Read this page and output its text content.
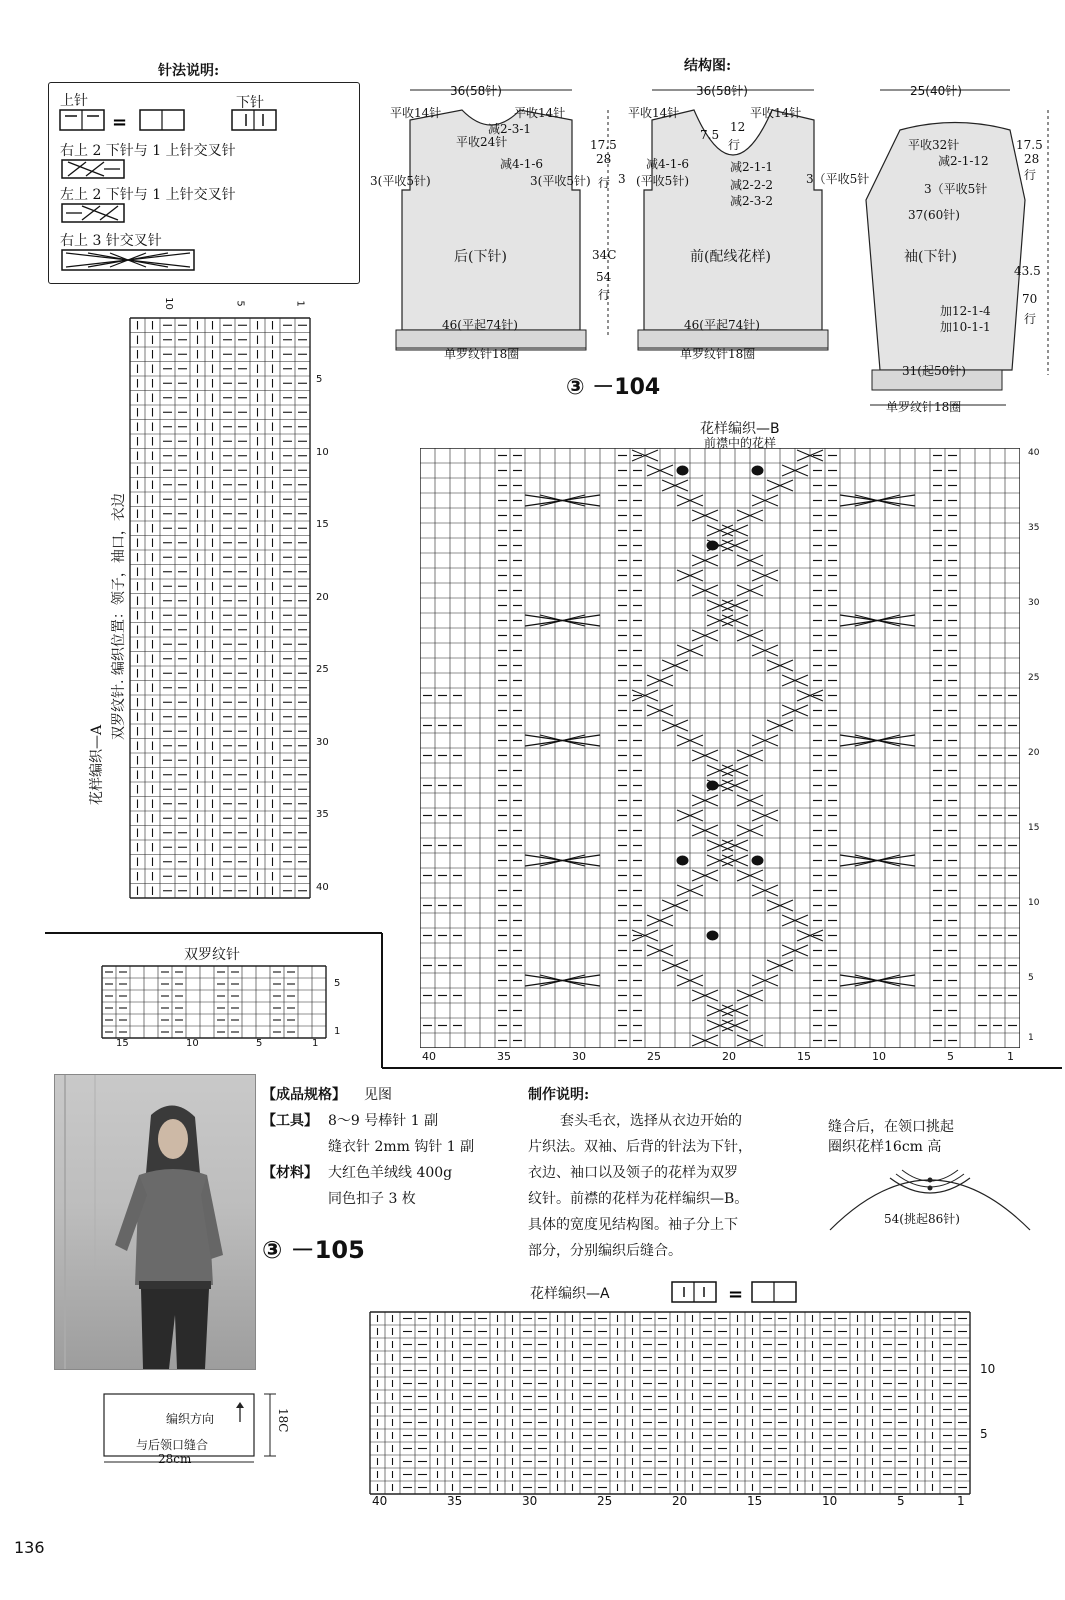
针法说明:
上针	下针
=
右上 2 下针与 1 上针交叉针
左上 2 下针与 1 上针交叉针
右上 3 针交叉针
结构图:
36(58针)
平收14针	平收14针
减2-3-1
平收24针
减4-1-6
3(平收5针)	3(平收5针)
后(下针)
46(平起74针)
单罗纹针18圈
17.5
28
行 3
34C
54
行
36(58针)
平收14针	平收14针
7.5
12
行
减4-1-6
(平收5针)
减2-1-1
减2-2-2
减2-3-2
3（平收5针
前(配线花样)
46(平起74针)
单罗纹针18圈
25(40针)
平收32针
减2-1-12
3（平收5针
37(60针)
袖(下针)
加12-1-4
加10-1-1
31(起50针)
单罗纹针18圈
17.5
28
行
43.5
70
行
③ －104
花样编织—B
前襟中的花样
40
35
30
25
20
15
10
5
1
40	35	30	25	20	15	10	5	1
花样编织—A
双罗纹针. 编织位置：领子，袖口，衣边
5
10
15
20
25
30
35
40
10	5	1
双罗纹针
15	10	5	1
5
1
【成品规格】 见图
【工具】 8～9 号棒针 1 副
缝衣针 2mm 钩针 1 副
【材料】 大红色羊绒线 400g
同色扣子 3 枚
③ －105
制作说明:
套头毛衣，选择从衣边开始的
片织法。双袖、后背的针法为下针，
衣边、袖口以及领子的花样为双罗
纹针。前襟的花样为花样编织—B。
具体的宽度见结构图。袖子分上下
部分，分别编织后缝合。
缝合后，在领口挑起
圈织花样16cm 高
54(挑起86针)
编织方向
与后领口缝合
28cm
18C
花样编织—A	=
40	35	30	25	20	15	10	5	1
10
5
136
